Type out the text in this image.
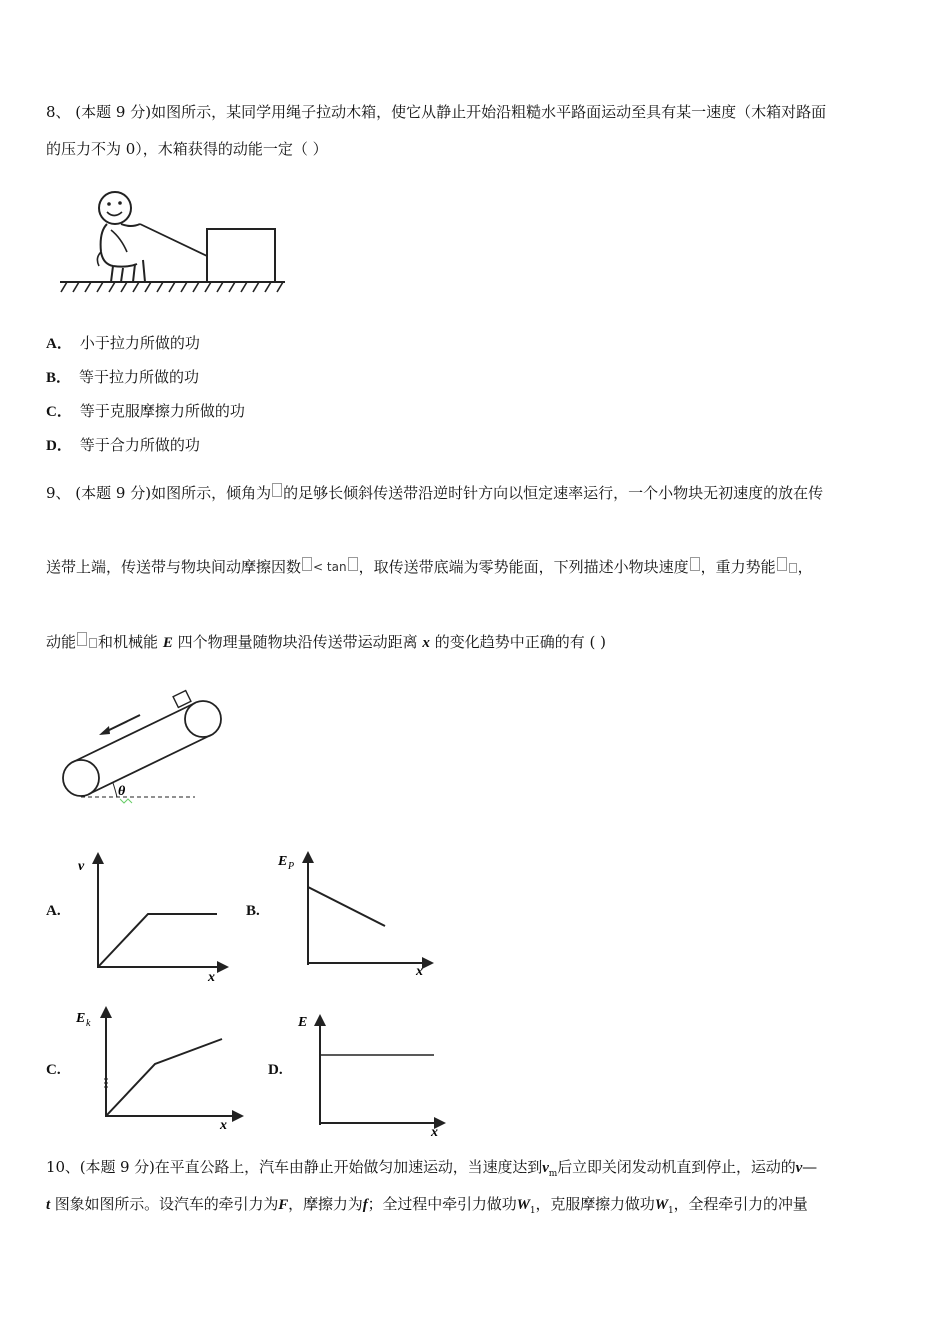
8、 (本题 9 分)如图所示，某同学用绳子拉动木箱，使它从静止开始沿粗糙水平路面运动至具有某一速度（木箱对路面
的压力不为 0），木箱获得的动能一定（ ）
A． 小于拉力所做的功
B． 等于拉力所做的功
C． 等于克服摩擦力所做的功
D． 等于合力所做的功
9、 (本题 9 分)如图所示，倾角为 的足够长倾斜传送带沿逆时针方向以恒定速率运行，一个小物块无初速度的放在传
送带上端，传送带与物块间动摩擦因数 $^{< tan}$ ，取传送带底端为零势能面，下列描述小物块速度 ，重力势能 ，
动能 和机械能 E 四个物理量随物块沿传送带运动距离 x 的变化趋势中正确的有 ( )
θ
A.
v
x
B.
E P
x
C.
E k
x
D.
E
x
10、(本题 9 分)在平直公路上，汽车由静止开始做匀加速运动，当速度达到$v_m$后立即关闭发动机直到停止，运动的v—
t 图象如图所示。设汽车的牵引力为F，摩擦力为f；全过程中牵引力做功$W_1$，克服摩擦力做功$W_1$，全程牵引力的冲量
